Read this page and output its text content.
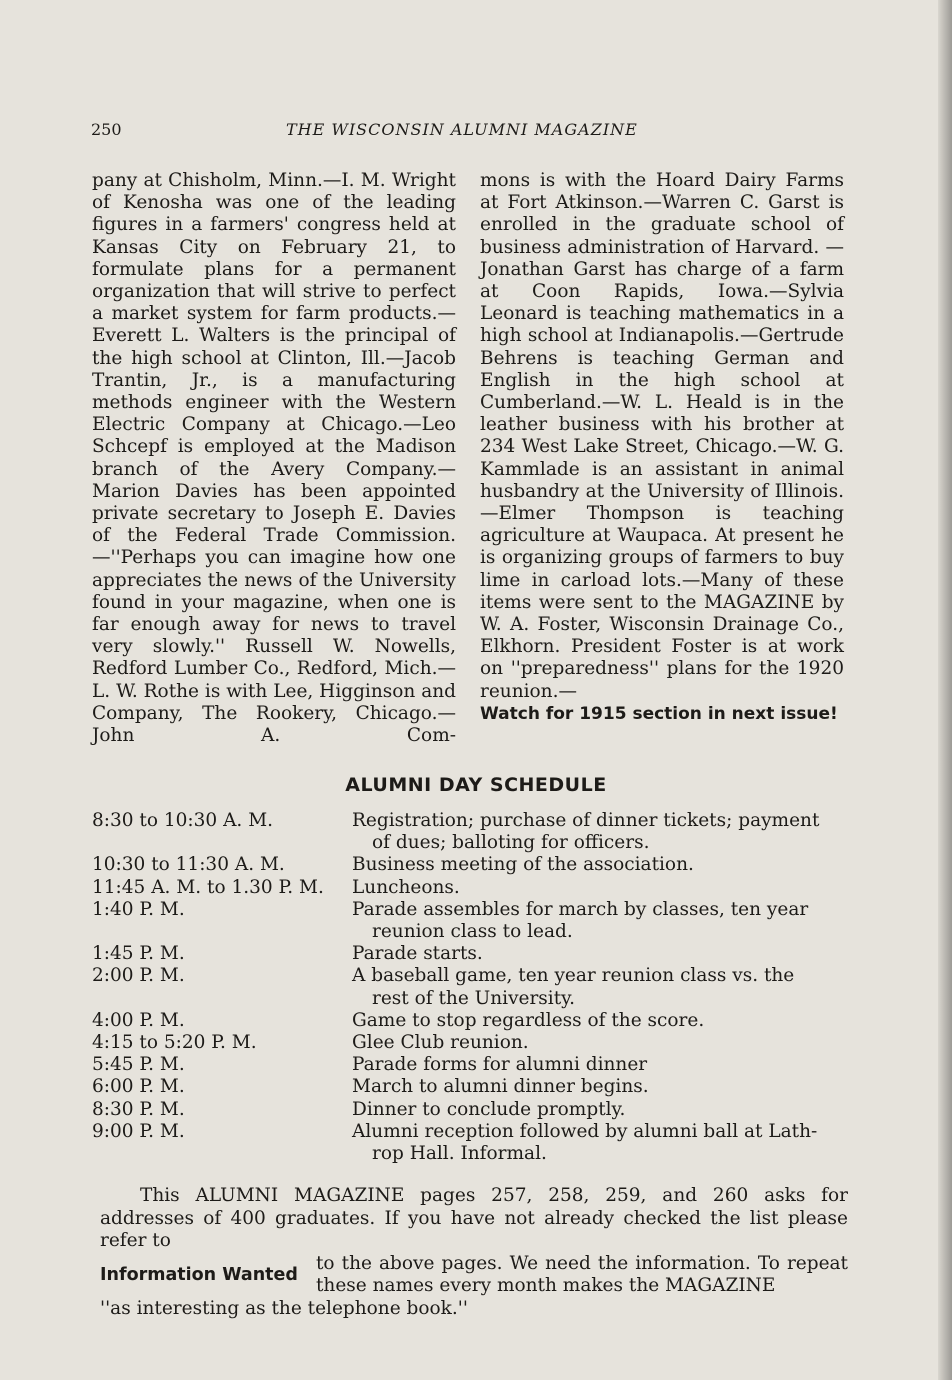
250	THE WISCONSIN ALUMNI MAGAZINE

pany at Chisholm, Minn.—I. M. Wright of Kenosha was one of the leading figures in a farmers' congress held at Kansas City on February 21, to formulate plans for a permanent organization that will strive to perfect a market system for farm products.—Everett L. Walters is the principal of the high school at Clinton, Ill.—Jacob Trantin, Jr., is a manufacturing methods engineer with the Western Electric Company at Chicago.—Leo Schcepf is employed at the Madison branch of the Avery Company.—Marion Davies has been appointed private secretary to Joseph E. Davies of the Federal Trade Commission.—''Perhaps you can imagine how one appreciates the news of the University found in your magazine, when one is far enough away for news to travel very slowly.'' Russell W. Nowells, Redford Lumber Co., Redford, Mich.—L. W. Rothe is with Lee, Higginson and Company, The Rookery, Chicago.—John A. Com-

mons is with the Hoard Dairy Farms at Fort Atkinson.—Warren C. Garst is enrolled in the graduate school of business administration of Harvard. —Jonathan Garst has charge of a farm at Coon Rapids, Iowa.—Sylvia Leonard is teaching mathematics in a high school at Indianapolis.—Gertrude Behrens is teaching German and English in the high school at Cumberland.—W. L. Heald is in the leather business with his brother at 234 West Lake Street, Chicago.—W. G. Kammlade is an assistant in animal husbandry at the University of Illinois.—Elmer Thompson is teaching agriculture at Waupaca. At present he is organizing groups of farmers to buy lime in carload lots.—Many of these items were sent to the MAGAZINE by W. A. Foster, Wisconsin Drainage Co., Elkhorn. President Foster is at work on ''preparedness'' plans for the 1920 reunion.—

Watch for 1915 section in next issue!
ALUMNI DAY SCHEDULE
8:30 to 10:30 A. M.	Registration; purchase of dinner tickets; payment
of dues; balloting for officers.
10:30 to 11:30 A. M.	Business meeting of the association.
11:45 A. M. to 1.30 P. M.	Luncheons.
1:40 P. M.	Parade assembles for march by classes, ten year
reunion class to lead.
1:45 P. M.	Parade starts.
2:00 P. M.	A baseball game, ten year reunion class vs. the
rest of the University.
4:00 P. M.	Game to stop regardless of the score.
4:15 to 5:20 P. M.	Glee Club reunion.
5:45 P. M.	Parade forms for alumni dinner
6:00 P. M.	March to alumni dinner begins.
8:30 P. M.	Dinner to conclude promptly.
9:00 P. M.	Alumni reception followed by alumni ball at Lath-
rop Hall. Informal.

This ALUMNI MAGAZINE pages 257, 258, 259, and 260 asks for addresses of 400 graduates. If you have not already checked the list please refer to

Information Wanted
to the above pages. We need the information. To repeat these names every month makes the MAGAZINE

''as interesting as the telephone book.''
